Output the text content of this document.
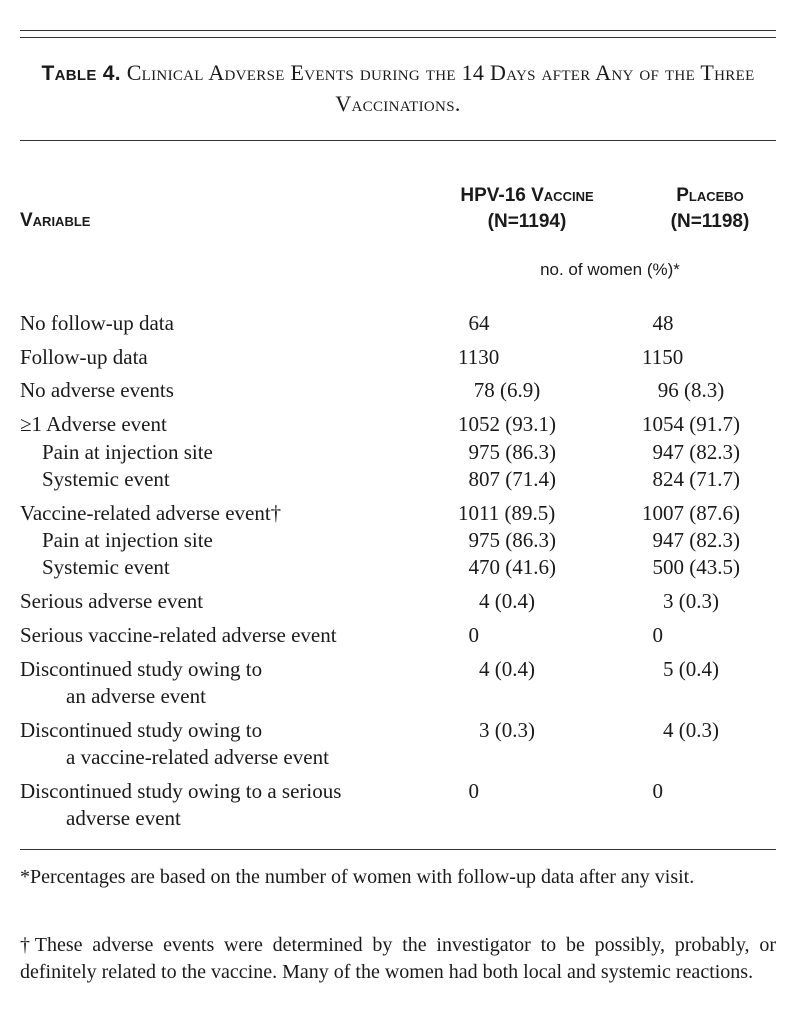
Table 4. Clinical Adverse Events during the 14 Days after Any of the Three Vaccinations.
Variable
HPV-16 Vaccine
(N=1194)
Placebo
(N=1198)
no. of women (%)*
No follow-up data	64	48
Follow-up data	1130	1150
No adverse events	78 (6.9)	96 (8.3)
≥1 Adverse event	1052 (93.1)	1054 (91.7)
Pain at injection site	975 (86.3)	947 (82.3)
Systemic event	807 (71.4)	824 (71.7)
Vaccine-related adverse event†	1011 (89.5)	1007 (87.6)
Pain at injection site	975 (86.3)	947 (82.3)
Systemic event	470 (41.6)	500 (43.5)
Serious adverse event	4 (0.4)	3 (0.3)
Serious vaccine-related adverse event	0	0
Discontinued study owing to
an adverse event
4 (0.4)	5 (0.4)
Discontinued study owing to
a vaccine-related adverse event
3 (0.3)	4 (0.3)
Discontinued study owing to a serious
adverse event
0	0
*Percentages are based on the number of women with follow-up data after any visit.
†These adverse events were determined by the investigator to be possibly, probably, or definitely related to the vaccine. Many of the women had both local and systemic reactions.
